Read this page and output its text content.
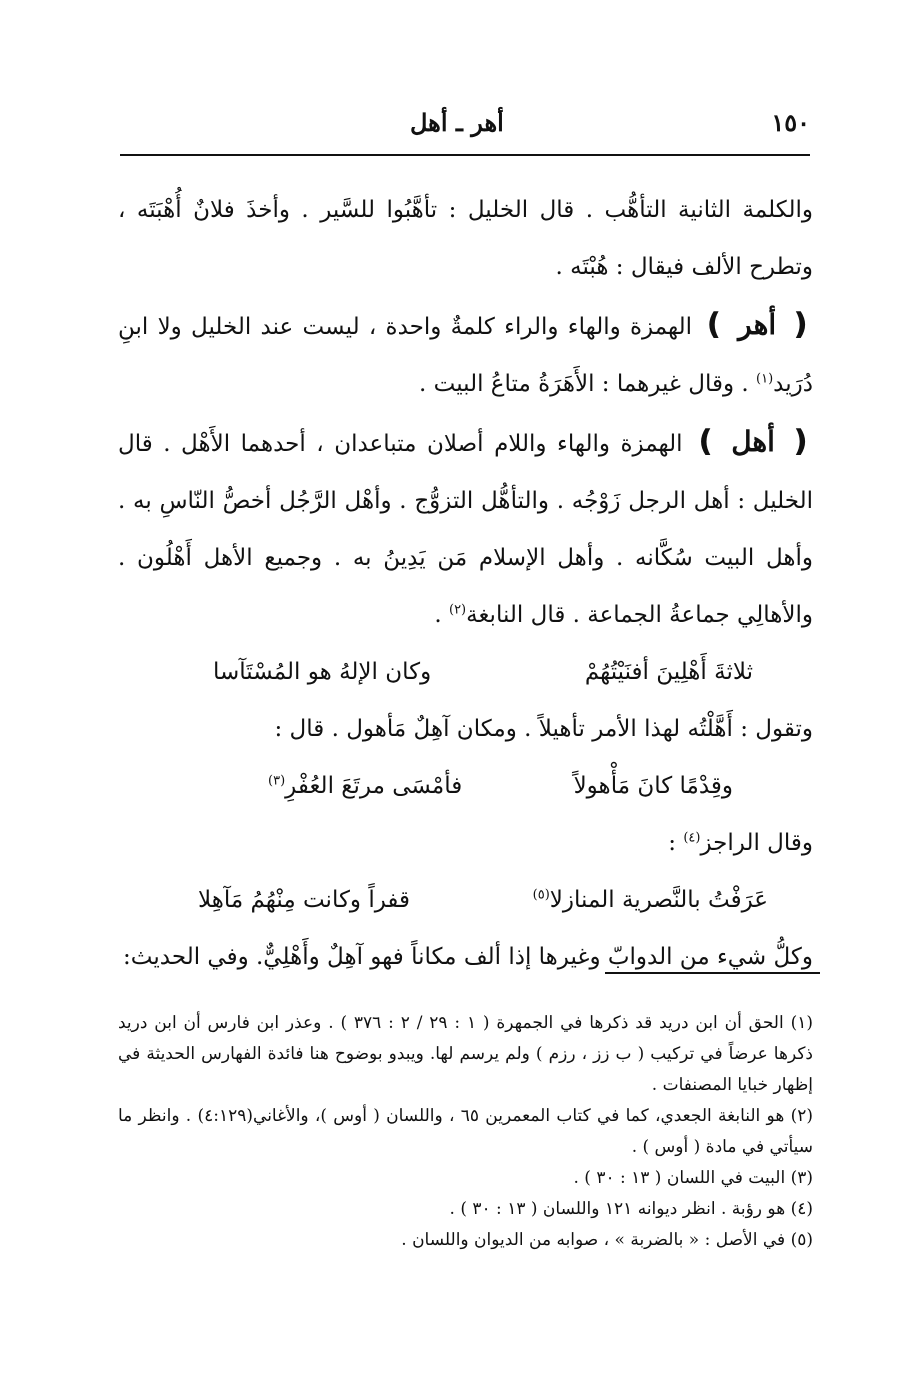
١٥٠
أهر ـ أهل

والكلمة الثانية التأهُّب . قال الخليل : تأهَّبُوا للسَّير . وأخذَ فلانٌ أُهْبَتَه ، وتطرح الألف فيقال : هُبْتَه .

❪ أهر ❫ الهمزة والهاء والراء كلمةٌ واحدة ، ليست عند الخليل ولا ابنِ دُرَيد$^{(١)}$ . وقال غيرهما : الأَهَرَةُ متاعُ البيت .

❪ أهل ❫ الهمزة والهاء واللام أصلان متباعدان ، أحدهما الأَهْل . قال الخليل : أهل الرجل زَوْجُه . والتأهُّل التزوُّج . وأهْل الرَّجُل أخصُّ النّاسِ به . وأهل البيت سُكَّانه . وأهل الإسلام مَن يَدِينُ به . وجميع الأهل أَهْلُون . والأهالِي جماعةُ الجماعة . قال النابغة$^{(٢)}$ .

ثلاثةَ أَهْلِينَ أفنَيْتُهُمْ
وكان الإلهُ هو المُسْتَآسا

وتقول : أَهَّلْتُه لهذا الأمر تأهيلاً . ومكان آهِلٌ مَأهول . قال :

وقِدْمًا كانَ مَأْهولاً
فأمْسَى مرتَعَ العُفْرِ$^{(٣)}$

وقال الراجز$^{(٤)}$ :

عَرَفْتُ بالنَّصرية المنازلا$^{(٥)}$
قفراً وكانت مِنْهُمُ مَآهِلا

وكلُّ شيء من الدوابّ وغيرها إذا ألف مكاناً فهو آهِلٌ وأَهْلِيٌّ. وفي الحديث:

(١) الحق أن ابن دريد قد ذكرها في الجمهرة ( ١ : ٢٩ / ٢ : ٣٧٦ ) . وعذر ابن فارس أن ابن دريد ذكرها عرضاً في تركيب ( ب زز ، رزم ) ولم يرسم لها. ويبدو بوضوح هنا فائدة الفهارس الحديثة في إظهار خبايا المصنفات .

(٢) هو النابغة الجعدي، كما في كتاب المعمرين ٦٥ ، واللسان ( أوس )، والأغاني(٤:١٢٩) . وانظر ما سيأتي في مادة ( أوس ) .

(٣) البيت في اللسان ( ١٣ : ٣٠ ) .

(٤) هو رؤبة . انظر ديوانه ١٢١ واللسان ( ١٣ : ٣٠ ) .

(٥) في الأصل : « بالضربة » ، صوابه من الديوان واللسان .
